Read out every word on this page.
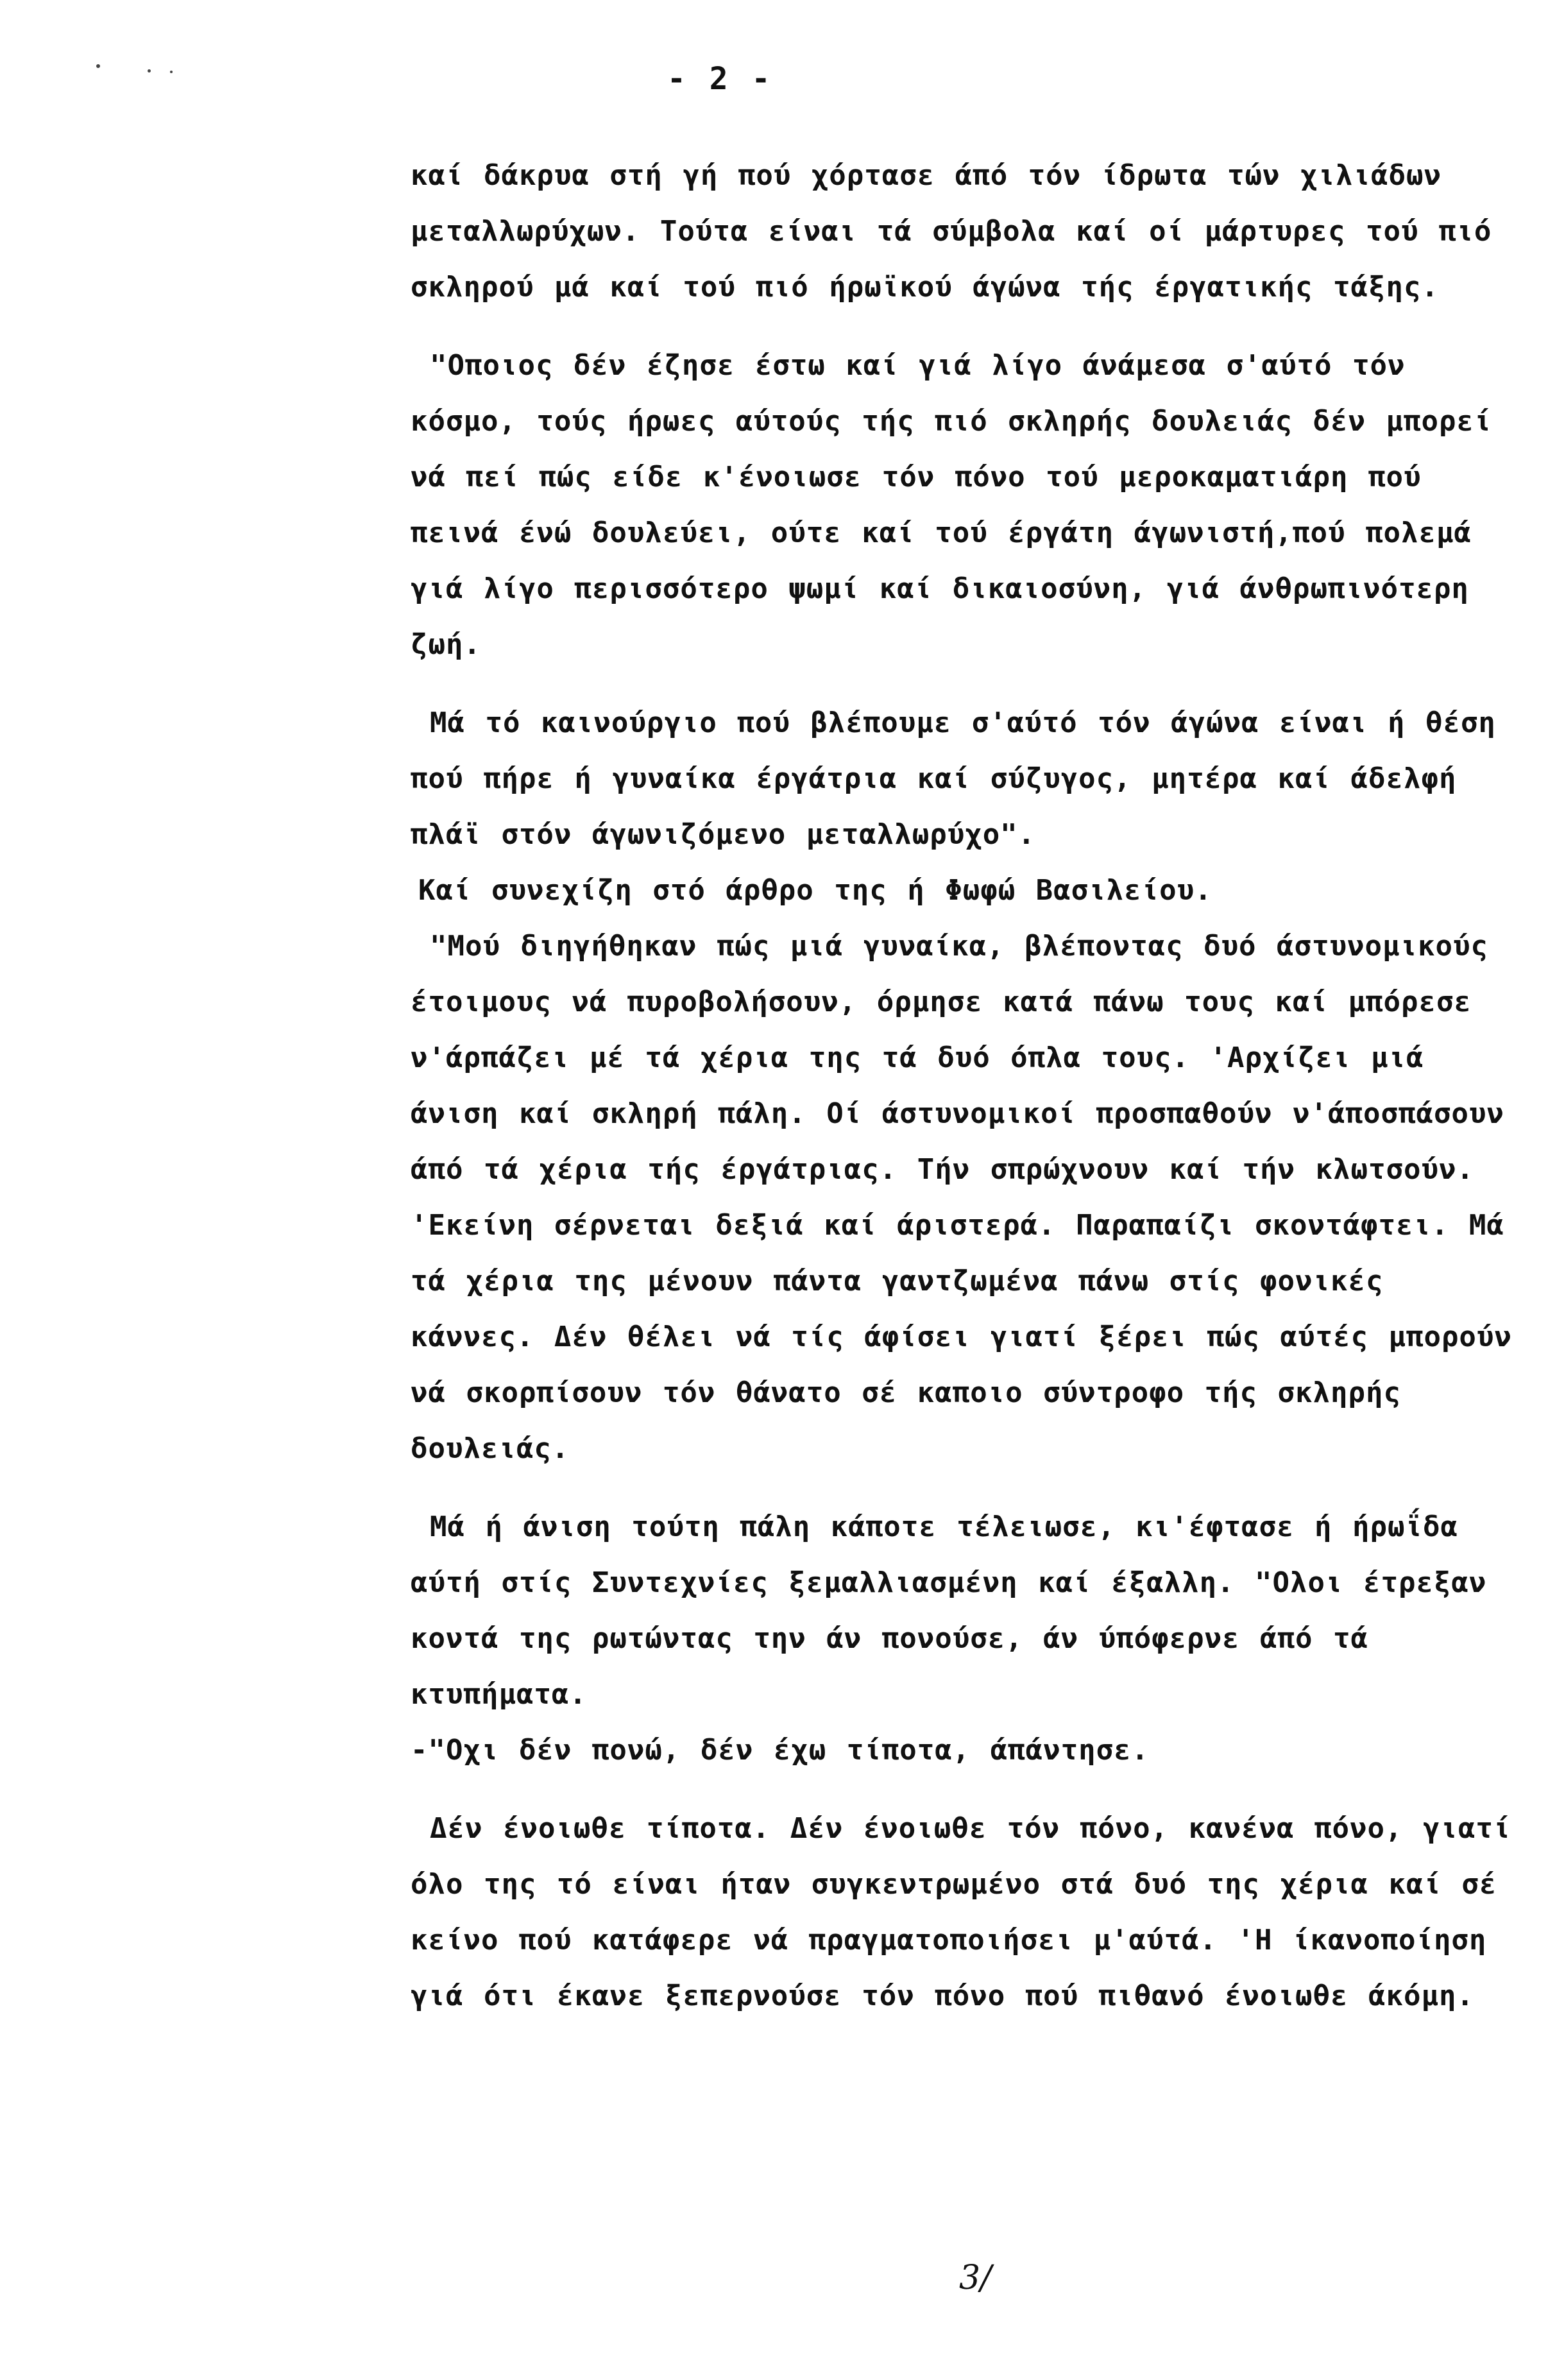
- 2 -

καί δάκρυα στή γή πού χόρτασε άπό τόν ίδρωτα τών χιλιάδων μεταλλωρύχων. Τούτα είναι τά σύμβολα καί οί μάρτυρες τού πιό σκληρού μά καί τού πιό ήρωϊκού άγώνα τής έργατικής τάξης.

"Οποιος δέν έζησε έστω καί γιά λίγο άνάμεσα σ'αύτό τόν κόσμο, τούς ήρωες αύτούς τής πιό σκληρής δουλειάς δέν μπορεί νά πεί πώς είδε κ'ένοιωσε τόν πόνο τού μεροκαματιάρη πού πεινά ένώ δουλεύει, ούτε καί τού έργάτη άγωνιστή,πού πολεμά γιά λίγο περισσότερο ψωμί καί δικαιοσύνη, γιά άνθρωπινότερη ζωή.

Μά τό καινούργιο πού βλέπουμε σ'αύτό τόν άγώνα είναι ή θέση πού πήρε ή γυναίκα έργάτρια καί σύζυγος, μητέρα καί άδελφή πλάϊ στόν άγωνιζόμενο μεταλλωρύχο".

Καί συνεχίζη στό άρθρο της ή Φωφώ Βασιλείου.

"Μού διηγήθηκαν πώς μιά γυναίκα, βλέποντας δυό άστυνομικούς έτοιμους νά πυροβολήσουν, όρμησε κατά πάνω τους καί μπόρεσε ν'άρπάζει μέ τά χέρια της τά δυό όπλα τους. 'Αρχίζει μιά άνιση καί σκληρή πάλη. Οί άστυνομικοί προσπαθούν ν'άποσπάσουν άπό τά χέρια τής έργάτριας. Τήν σπρώχνουν καί τήν κλωτσούν. 'Εκείνη σέρνεται δεξιά καί άριστερά. Παραπαίζι σκοντάφτει. Μά τά χέρια της μένουν πάντα γαντζωμένα πάνω στίς φονικές κάννες. Δέν θέλει νά τίς άφίσει γιατί ξέρει πώς αύτές μπορούν νά σκορπίσουν τόν θάνατο σέ καποιο σύντροφο τής σκληρής δουλειάς.

Μά ή άνιση τούτη πάλη κάποτε τέλειωσε, κι'έφτασε ή ήρωΐδα αύτή στίς Συντεχνίες ξεμαλλιασμένη καί έξαλλη. "Ολοι έτρεξαν κοντά της ρωτώντας την άν πονούσε, άν ύπόφερνε άπό τά κτυπήματα.

-"Οχι δέν πονώ, δέν έχω τίποτα, άπάντησε.

Δέν ένοιωθε τίποτα. Δέν ένοιωθε τόν πόνο, κανένα πόνο, γιατί όλο της τό είναι ήταν συγκεντρωμένο στά δυό της χέρια καί σέ κείνο πού κατάφερε νά πραγματοποιήσει μ'αύτά. 'Η ίκανοποίηση γιά ότι έκανε ξεπερνούσε τόν πόνο πού πιθανό ένοιωθε άκόμη.

3/
